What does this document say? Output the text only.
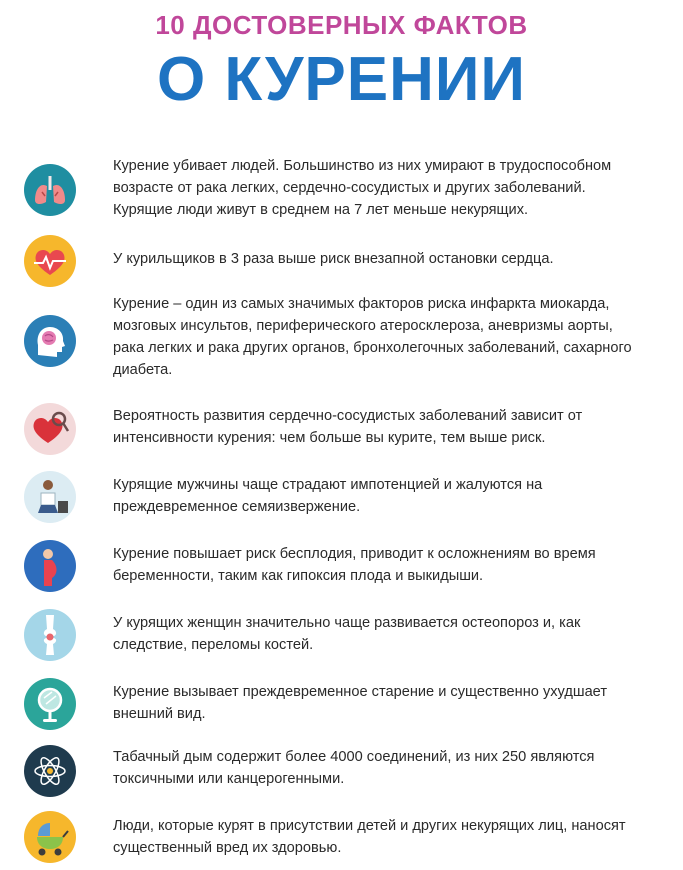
10 ДОСТОВЕРНЫХ ФАКТОВ
О КУРЕНИИ
Курение убивает людей. Большинство из них умирают в трудоспособном возрасте от рака легких, сердечно-сосудистых и других заболеваний. Курящие люди живут в среднем на 7 лет меньше некурящих.
У курильщиков в 3 раза выше риск внезапной остановки сердца.
Курение – один из самых значимых факторов риска инфаркта миокарда, мозговых инсультов, периферического атеросклероза, аневризмы аорты, рака легких и рака других органов, бронхолегочных заболеваний, сахарного диабета.
Вероятность развития сердечно-сосудистых заболеваний зависит от интенсивности курения: чем больше вы курите, тем выше риск.
Курящие мужчины чаще страдают импотенцией и жалуются на преждевременное семяизвержение.
Курение повышает риск бесплодия, приводит к осложнениям во время беременности, таким как гипоксия плода и выкидыши.
У курящих женщин значительно чаще развивается остеопороз и, как следствие, переломы костей.
Курение вызывает преждевременное старение и существенно ухудшает внешний вид.
Табачный дым содержит более 4000 соединений, из них 250 являются токсичными или канцерогенными.
Люди, которые курят в присутствии детей и других некурящих лиц, наносят существенный вред их здоровью.
